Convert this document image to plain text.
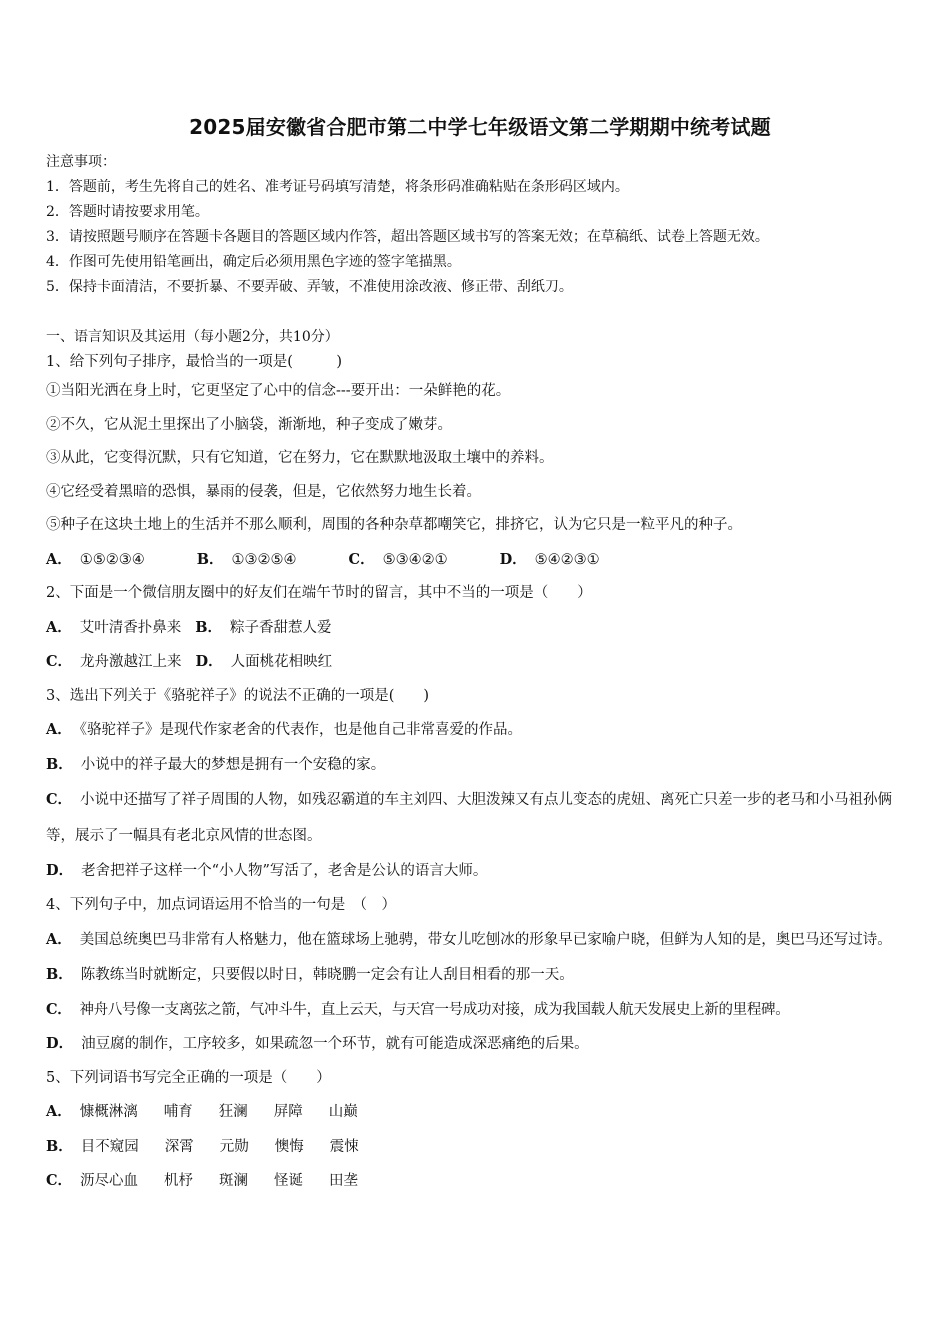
2025届安徽省合肥市第二中学七年级语文第二学期期中统考试题
注意事项：
1．答题前，考生先将自己的姓名、准考证号码填写清楚，将条形码准确粘贴在条形码区域内。
2．答题时请按要求用笔。
3．请按照题号顺序在答题卡各题目的答题区域内作答，超出答题区域书写的答案无效；在草稿纸、试卷上答题无效。
4．作图可先使用铅笔画出，确定后必须用黑色字迹的签字笔描黑。
5．保持卡面清洁，不要折暴、不要弄破、弄皱，不准使用涂改液、修正带、刮纸刀。
一、语言知识及其运用（每小题2分，共10分）
1、给下列句子排序，最恰当的一项是(　　　)
①当阳光洒在身上时，它更坚定了心中的信念---要开出：一朵鲜艳的花。
②不久，它从泥土里探出了小脑袋，渐渐地，种子变成了嫩芽。
③从此，它变得沉默，只有它知道，它在努力，它在默默地汲取土壤中的养料。
④它经受着黑暗的恐惧，暴雨的侵袭，但是，它依然努力地生长着。
⑤种子在这块土地上的生活并不那么顺利，周围的各种杂草都嘲笑它，排挤它，认为它只是一粒平凡的种子。
A． ①⑤②③④	B． ①③②⑤④	C． ⑤③④②①	D． ⑤④②③①
2、下面是一个微信朋友圈中的好友们在端午节时的留言，其中不当的一项是（　　）
A． 艾叶清香扑鼻来 B． 粽子香甜惹人爱
C． 龙舟激越江上来 D． 人面桃花相映红
3、选出下列关于《骆驼祥子》的说法不正确的一项是(　　)
A． 《骆驼祥子》是现代作家老舍的代表作，也是他自己非常喜爱的作品。
B． 小说中的祥子最大的梦想是拥有一个安稳的家。
C． 小说中还描写了祥子周围的人物，如残忍霸道的车主刘四、大胆泼辣又有点儿变态的虎妞、离死亡只差一步的老马和小马祖孙俩等，展示了一幅具有老北京风情的世态图。
D． 老舍把祥子这样一个“小人物”写活了，老舍是公认的语言大师。
4、下列句子中，加点词语运用不恰当的一句是　（　）
A． 美国总统奥巴马非常有人格魅力，他在篮球场上驰骋，带女儿吃刨冰的形象早已家喻户晓，但鲜为人知的是，奥巴马还写过诗。
B． 陈教练当时就断定，只要假以时日，韩晓鹏一定会有让人刮目相看的那一天。
C． 神舟八号像一支离弦之箭，气冲斗牛，直上云天，与天宫一号成功对接，成为我国载人航天发展史上新的里程碑。
D． 油豆腐的制作，工序较多，如果疏忽一个环节，就有可能造成深恶痛绝的后果。
5、下列词语书写完全正确的一项是（　　）
A． 慷概淋漓 哺育 狂澜 屏障 山巅
B． 目不窥园 深霄 元勋 懊悔 震悚
C． 沥尽心血 机杼 斑澜 怪诞 田垄
